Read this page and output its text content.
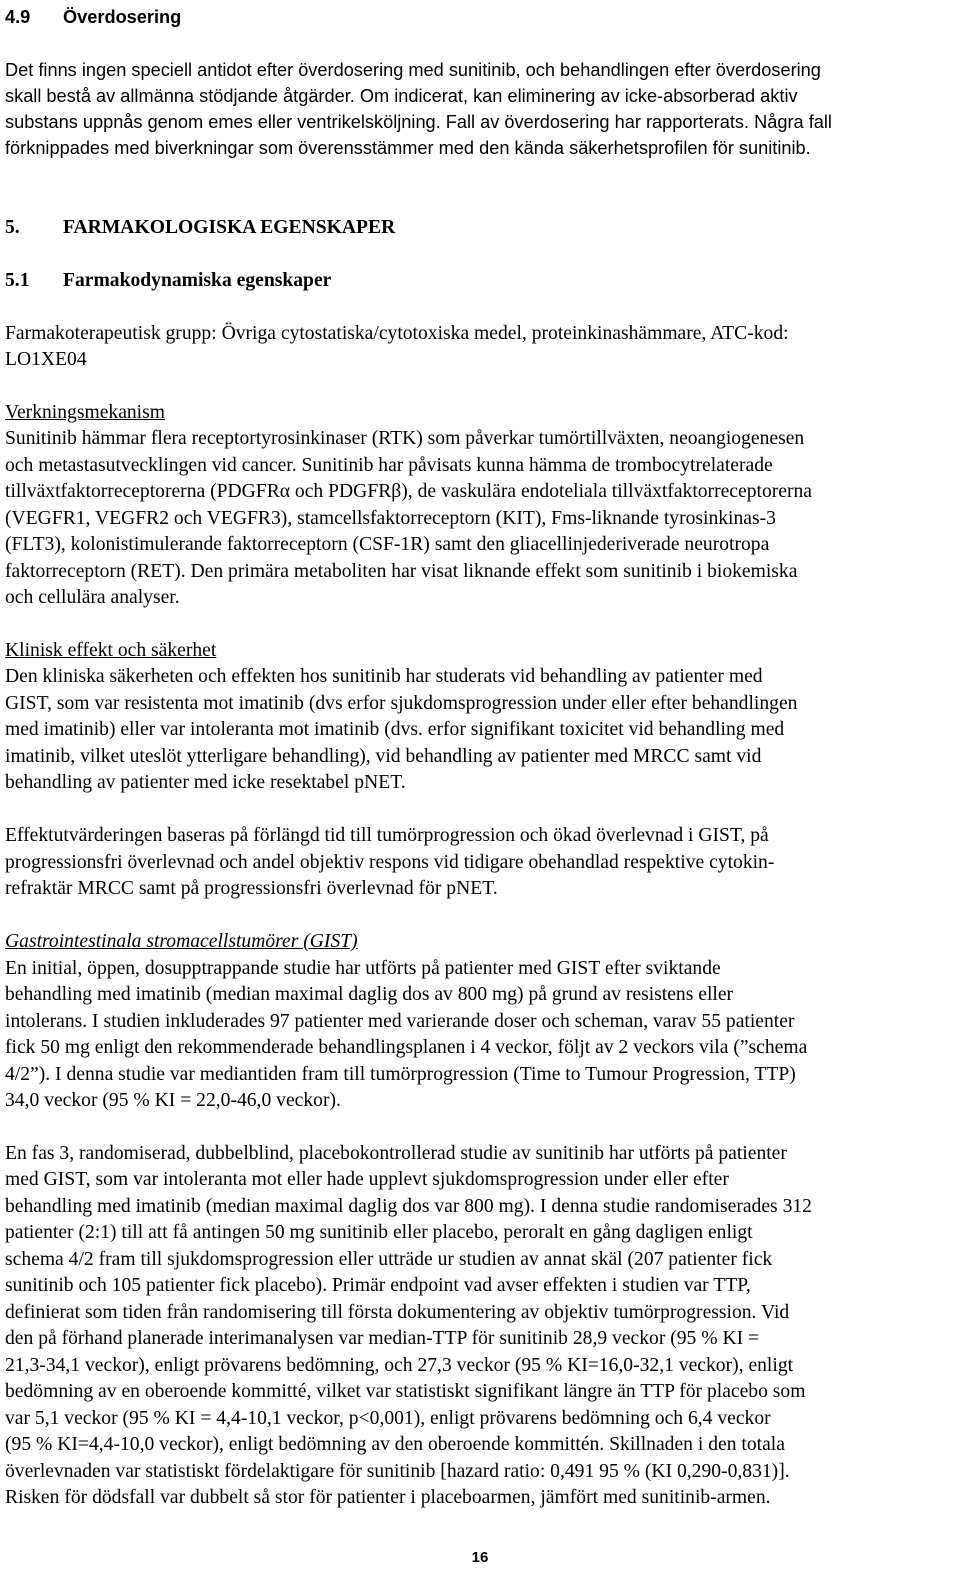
4.9 Överdosering
Det finns ingen speciell antidot efter överdosering med sunitinib, och behandlingen efter överdosering
skall bestå av allmänna stödjande åtgärder. Om indicerat, kan eliminering av icke-absorberad aktiv
substans uppnås genom emes eller ventrikelsköljning. Fall av överdosering har rapporterats. Några fall
förknippades med biverkningar som överensstämmer med den kända säkerhetsprofilen för sunitinib.
5. FARMAKOLOGISKA EGENSKAPER
5.1 Farmakodynamiska egenskaper
Farmakoterapeutisk grupp: Övriga cytostatiska/cytotoxiska medel, proteinkinashämmare, ATC-kod:
LO1XE04
Verkningsmekanism
Sunitinib hämmar flera receptortyrosinkinaser (RTK) som påverkar tumörtillväxten, neoangiogenesen
och metastasutvecklingen vid cancer. Sunitinib har påvisats kunna hämma de trombocytrelaterade
tillväxtfaktorreceptorerna (PDGFRα och PDGFRβ), de vaskulära endoteliala tillväxtfaktorreceptorerna
(VEGFR1, VEGFR2 och VEGFR3), stamcellsfaktorreceptorn (KIT), Fms-liknande tyrosinkinas-3
(FLT3), kolonistimulerande faktorreceptorn (CSF-1R) samt den gliacellinjederiverade neurotropa
faktorreceptorn (RET). Den primära metaboliten har visat liknande effekt som sunitinib i biokemiska
och cellulära analyser.
Klinisk effekt och säkerhet
Den kliniska säkerheten och effekten hos sunitinib har studerats vid behandling av patienter med
GIST, som var resistenta mot imatinib (dvs erfor sjukdomsprogression under eller efter behandlingen
med imatinib) eller var intoleranta mot imatinib (dvs. erfor signifikant toxicitet vid behandling med
imatinib, vilket uteslöt ytterligare behandling), vid behandling av patienter med MRCC samt vid
behandling av patienter med icke resektabel pNET.
Effektutvärderingen baseras på förlängd tid till tumörprogression och ökad överlevnad i GIST, på
progressionsfri överlevnad och andel objektiv respons vid tidigare obehandlad respektive cytokin-
refraktär MRCC samt på progressionsfri överlevnad för pNET.
Gastrointestinala stromacellstumörer (GIST)
En initial, öppen, dosupptrappande studie har utförts på patienter med GIST efter sviktande
behandling med imatinib (median maximal daglig dos av 800 mg) på grund av resistens eller
intolerans. I studien inkluderades 97 patienter med varierande doser och scheman, varav 55 patienter
fick 50 mg enligt den rekommenderade behandlingsplanen i 4 veckor, följt av 2 veckors vila (”schema
4/2”). I denna studie var mediantiden fram till tumörprogression (Time to Tumour Progression, TTP)
34,0 veckor (95 % KI = 22,0-46,0 veckor).
En fas 3, randomiserad, dubbelblind, placebokontrollerad studie av sunitinib har utförts på patienter
med GIST, som var intoleranta mot eller hade upplevt sjukdomsprogression under eller efter
behandling med imatinib (median maximal daglig dos var 800 mg). I denna studie randomiserades 312
patienter (2:1) till att få antingen 50 mg sunitinib eller placebo, peroralt en gång dagligen enligt
schema 4/2 fram till sjukdomsprogression eller utträde ur studien av annat skäl (207 patienter fick
sunitinib och 105 patienter fick placebo). Primär endpoint vad avser effekten i studien var TTP,
definierat som tiden från randomisering till första dokumentering av objektiv tumörprogression. Vid
den på förhand planerade interimanalysen var median-TTP för sunitinib 28,9 veckor (95 % KI =
21,3-34,1 veckor), enligt prövarens bedömning, och 27,3 veckor (95 % KI=16,0-32,1 veckor), enligt
bedömning av en oberoende kommitté, vilket var statistiskt signifikant längre än TTP för placebo som
var 5,1 veckor (95 % KI = 4,4-10,1 veckor, p<0,001), enligt prövarens bedömning och 6,4 veckor
(95 % KI=4,4-10,0 veckor), enligt bedömning av den oberoende kommittén. Skillnaden i den totala
överlevnaden var statistiskt fördelaktigare för sunitinib [hazard ratio: 0,491 95 % (KI 0,290-0,831)].
Risken för dödsfall var dubbelt så stor för patienter i placeboarmen, jämfört med sunitinib-armen.
16
